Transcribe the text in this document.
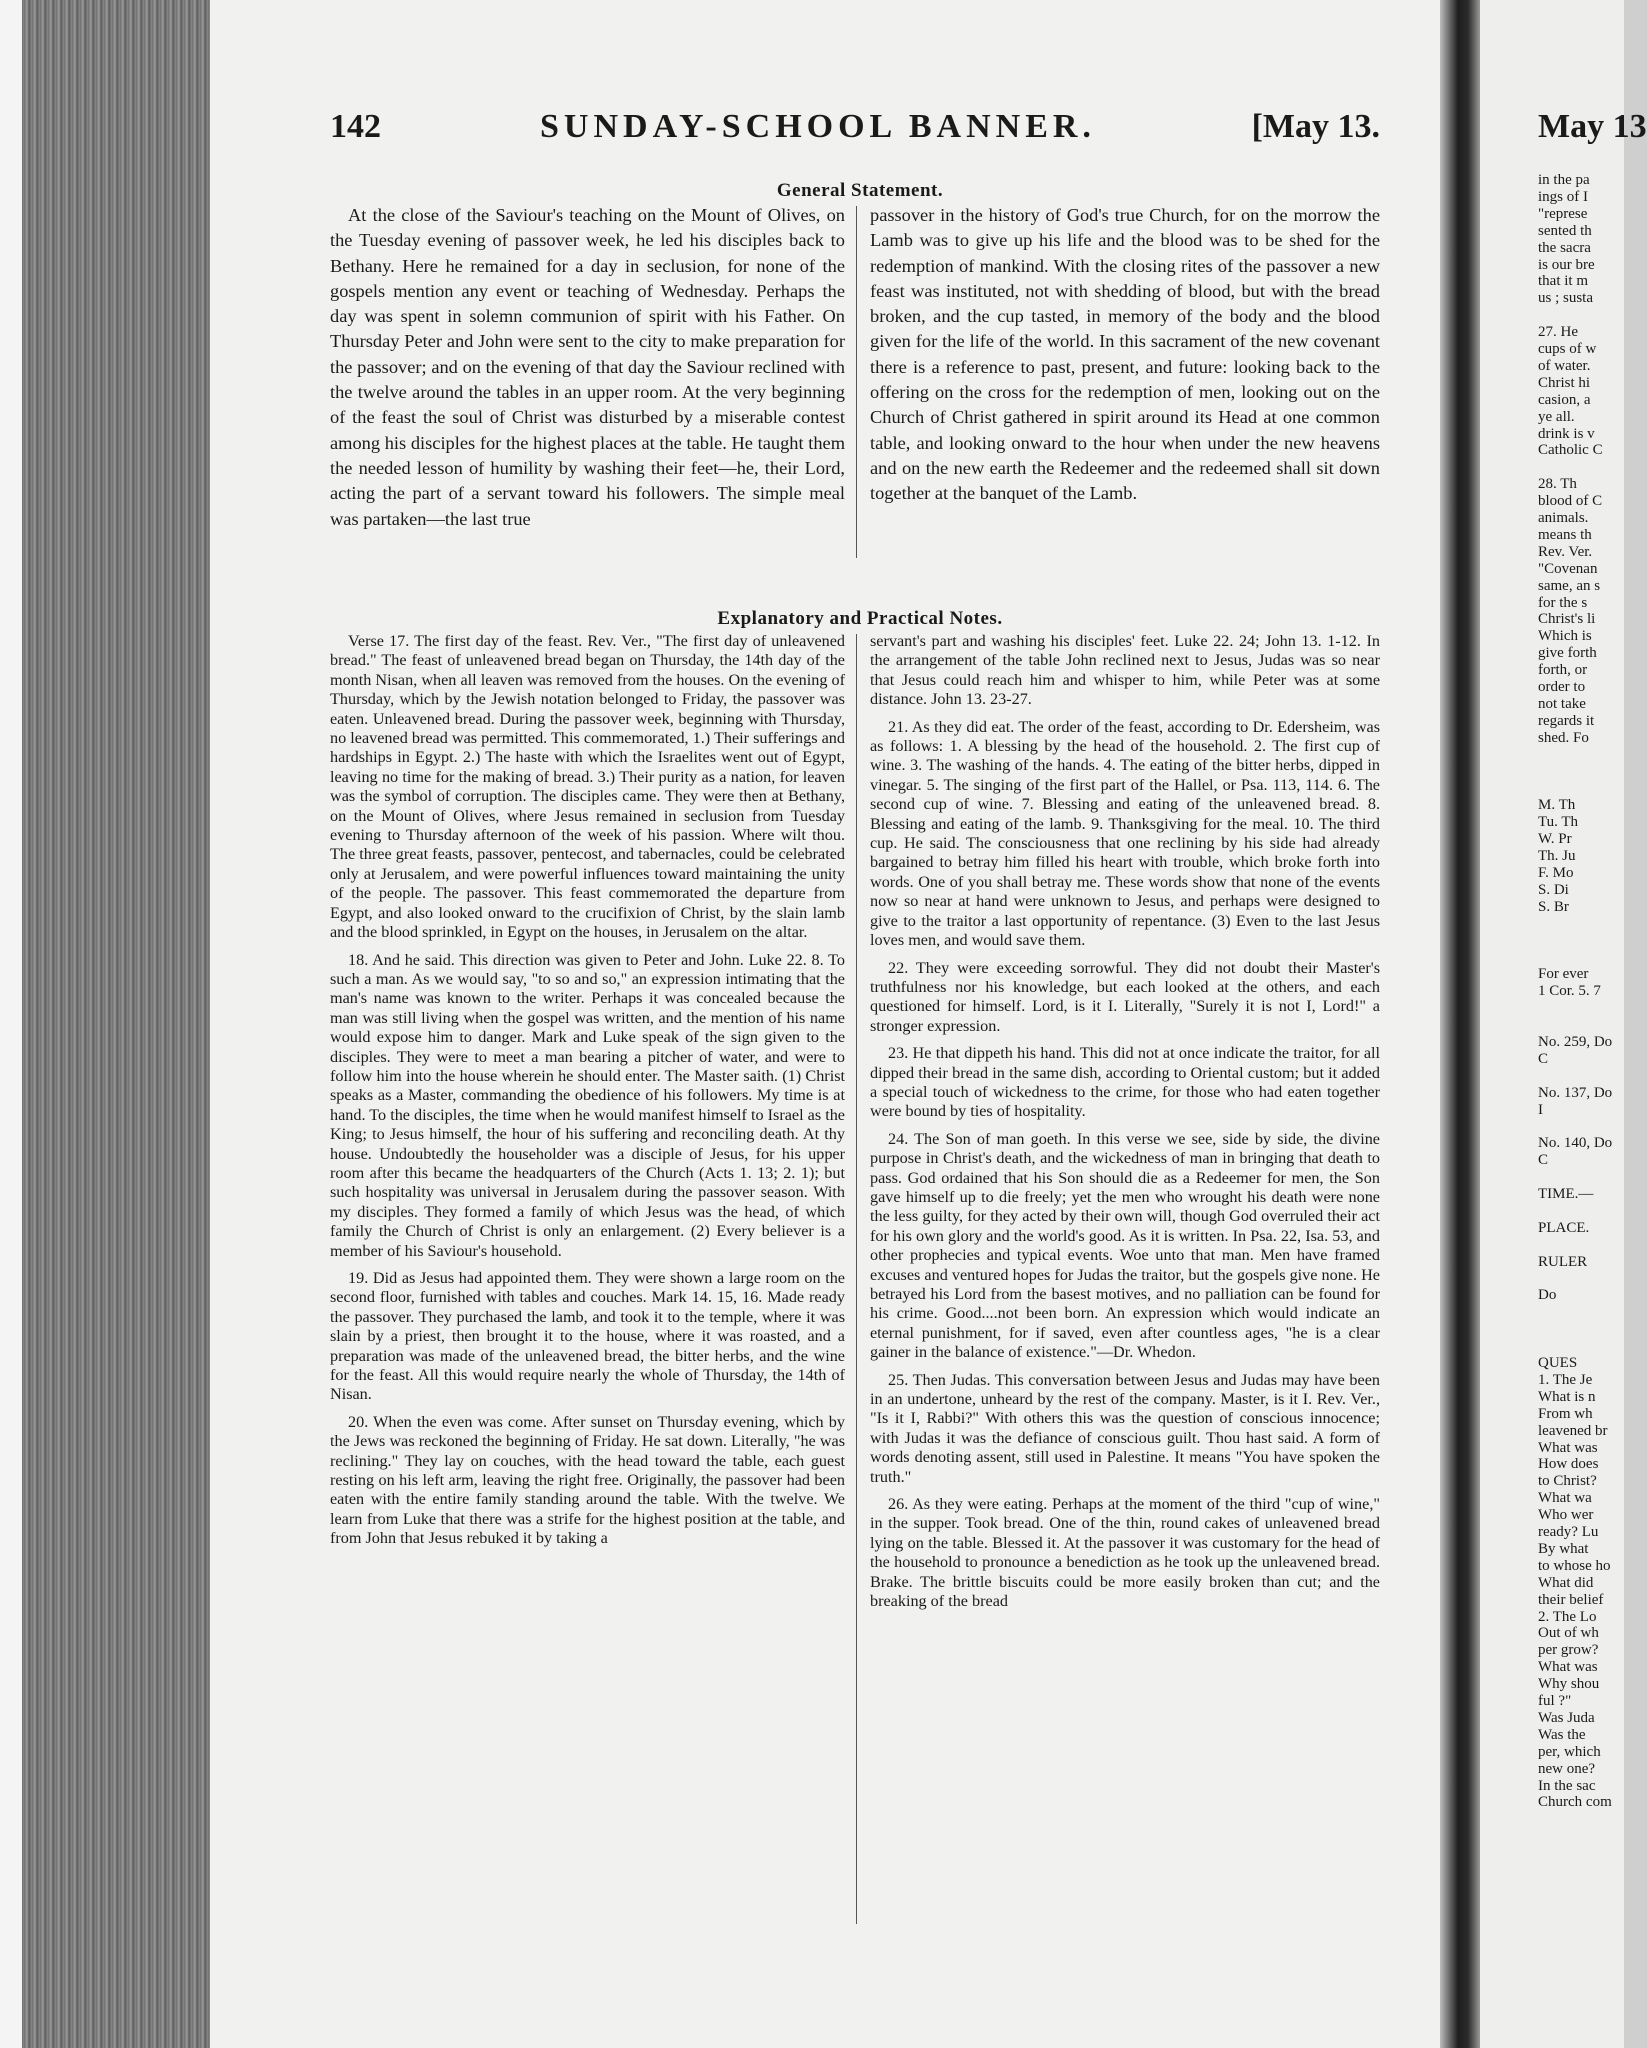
142	SUNDAY-SCHOOL BANNER.	[May 13.
General Statement.

At the close of the Saviour's teaching on the Mount of Olives, on the Tuesday evening of passover week, he led his disciples back to Bethany. Here he remained for a day in seclusion, for none of the gospels mention any event or teaching of Wednesday. Perhaps the day was spent in solemn communion of spirit with his Father. On Thursday Peter and John were sent to the city to make preparation for the passover; and on the evening of that day the Saviour reclined with the twelve around the tables in an upper room. At the very beginning of the feast the soul of Christ was disturbed by a miserable contest among his disciples for the highest places at the table. He taught them the needed lesson of humility by washing their feet—he, their Lord, acting the part of a servant toward his followers. The simple meal was partaken—the last true

passover in the history of God's true Church, for on the morrow the Lamb was to give up his life and the blood was to be shed for the redemption of mankind. With the closing rites of the passover a new feast was instituted, not with shedding of blood, but with the bread broken, and the cup tasted, in memory of the body and the blood given for the life of the world. In this sacrament of the new covenant there is a reference to past, present, and future: looking back to the offering on the cross for the redemption of men, looking out on the Church of Christ gathered in spirit around its Head at one common table, and looking onward to the hour when under the new heavens and on the new earth the Redeemer and the redeemed shall sit down together at the banquet of the Lamb.

Explanatory and Practical Notes.

Verse 17. The first day of the feast. Rev. Ver., "The first day of unleavened bread." The feast of unleavened bread began on Thursday, the 14th day of the month Nisan, when all leaven was removed from the houses. On the evening of Thursday, which by the Jewish notation belonged to Friday, the passover was eaten. Unleavened bread. During the passover week, beginning with Thursday, no leavened bread was permitted. This commemorated, 1.) Their sufferings and hardships in Egypt. 2.) The haste with which the Israelites went out of Egypt, leaving no time for the making of bread. 3.) Their purity as a nation, for leaven was the symbol of corruption. The disciples came. They were then at Bethany, on the Mount of Olives, where Jesus remained in seclusion from Tuesday evening to Thursday afternoon of the week of his passion. Where wilt thou. The three great feasts, passover, pentecost, and tabernacles, could be celebrated only at Jerusalem, and were powerful influences toward maintaining the unity of the people. The passover. This feast commemorated the departure from Egypt, and also looked onward to the crucifixion of Christ, by the slain lamb and the blood sprinkled, in Egypt on the houses, in Jerusalem on the altar.

18. And he said. This direction was given to Peter and John. Luke 22. 8. To such a man. As we would say, "to so and so," an expression intimating that the man's name was known to the writer. Perhaps it was concealed because the man was still living when the gospel was written, and the mention of his name would expose him to danger. Mark and Luke speak of the sign given to the disciples. They were to meet a man bearing a pitcher of water, and were to follow him into the house wherein he should enter. The Master saith. (1) Christ speaks as a Master, commanding the obedience of his followers. My time is at hand. To the disciples, the time when he would manifest himself to Israel as the King; to Jesus himself, the hour of his suffering and reconciling death. At thy house. Undoubtedly the householder was a disciple of Jesus, for his upper room after this became the headquarters of the Church (Acts 1. 13; 2. 1); but such hospitality was universal in Jerusalem during the passover season. With my disciples. They formed a family of which Jesus was the head, of which family the Church of Christ is only an enlargement. (2) Every believer is a member of his Saviour's household.

19. Did as Jesus had appointed them. They were shown a large room on the second floor, furnished with tables and couches. Mark 14. 15, 16. Made ready the passover. They purchased the lamb, and took it to the temple, where it was slain by a priest, then brought it to the house, where it was roasted, and a preparation was made of the unleavened bread, the bitter herbs, and the wine for the feast. All this would require nearly the whole of Thursday, the 14th of Nisan.

20. When the even was come. After sunset on Thursday evening, which by the Jews was reckoned the beginning of Friday. He sat down. Literally, "he was reclining." They lay on couches, with the head toward the table, each guest resting on his left arm, leaving the right free. Originally, the passover had been eaten with the entire family standing around the table. With the twelve. We learn from Luke that there was a strife for the highest position at the table, and from John that Jesus rebuked it by taking a

servant's part and washing his disciples' feet. Luke 22. 24; John 13. 1-12. In the arrangement of the table John reclined next to Jesus, Judas was so near that Jesus could reach him and whisper to him, while Peter was at some distance. John 13. 23-27.

21. As they did eat. The order of the feast, according to Dr. Edersheim, was as follows: 1. A blessing by the head of the household. 2. The first cup of wine. 3. The washing of the hands. 4. The eating of the bitter herbs, dipped in vinegar. 5. The singing of the first part of the Hallel, or Psa. 113, 114. 6. The second cup of wine. 7. Blessing and eating of the unleavened bread. 8. Blessing and eating of the lamb. 9. Thanksgiving for the meal. 10. The third cup. He said. The consciousness that one reclining by his side had already bargained to betray him filled his heart with trouble, which broke forth into words. One of you shall betray me. These words show that none of the events now so near at hand were unknown to Jesus, and perhaps were designed to give to the traitor a last opportunity of repentance. (3) Even to the last Jesus loves men, and would save them.

22. They were exceeding sorrowful. They did not doubt their Master's truthfulness nor his knowledge, but each looked at the others, and each questioned for himself. Lord, is it I. Literally, "Surely it is not I, Lord!" a stronger expression.

23. He that dippeth his hand. This did not at once indicate the traitor, for all dipped their bread in the same dish, according to Oriental custom; but it added a special touch of wickedness to the crime, for those who had eaten together were bound by ties of hospitality.

24. The Son of man goeth. In this verse we see, side by side, the divine purpose in Christ's death, and the wickedness of man in bringing that death to pass. God ordained that his Son should die as a Redeemer for men, the Son gave himself up to die freely; yet the men who wrought his death were none the less guilty, for they acted by their own will, though God overruled their act for his own glory and the world's good. As it is written. In Psa. 22, Isa. 53, and other prophecies and typical events. Woe unto that man. Men have framed excuses and ventured hopes for Judas the traitor, but the gospels give none. He betrayed his Lord from the basest motives, and no palliation can be found for his crime. Good....not been born. An expression which would indicate an eternal punishment, for if saved, even after countless ages, "he is a clear gainer in the balance of existence."—Dr. Whedon.

25. Then Judas. This conversation between Jesus and Judas may have been in an undertone, unheard by the rest of the company. Master, is it I. Rev. Ver., "Is it I, Rabbi?" With others this was the question of conscious innocence; with Judas it was the defiance of conscious guilt. Thou hast said. A form of words denoting assent, still used in Palestine. It means "You have spoken the truth."

26. As they were eating. Perhaps at the moment of the third "cup of wine," in the supper. Took bread. One of the thin, round cakes of unleavened bread lying on the table. Blessed it. At the passover it was customary for the head of the household to pronounce a benediction as he took up the unleavened bread. Brake. The brittle biscuits could be more easily broken than cut; and the breaking of the bread

May 13
in the pa
ings of I
"represe
sented th
the sacra
is our bre
that it m
us ; susta
27. He
cups of w
of water.
Christ hi
casion, a
ye all.
drink is v
Catholic C
28. Th
blood of C
animals.
means th
Rev. Ver.
"Covenan
same, an s
for the s
Christ's li
Which is
give forth
forth, or
order to
not take
regards it
shed. Fo
M. Th
Tu. Th
W. Pr
Th. Ju
F. Mo
S. Di
S. Br
For ever
1 Cor. 5. 7
No. 259, Do
C
No. 137, Do
I
No. 140, Do
C
TIME.—
PLACE.
RULER
Do
QUES
1. The Je
What is n
From wh
leavened br
What was
How does
to Christ?
What wa
Who wer
ready? Lu
By what
to whose ho
What did
their belief
2. The Lo
Out of wh
per grow?
What was
Why shou
ful ?"
Was Juda
Was the
per, which
new one?
In the sac
Church com
